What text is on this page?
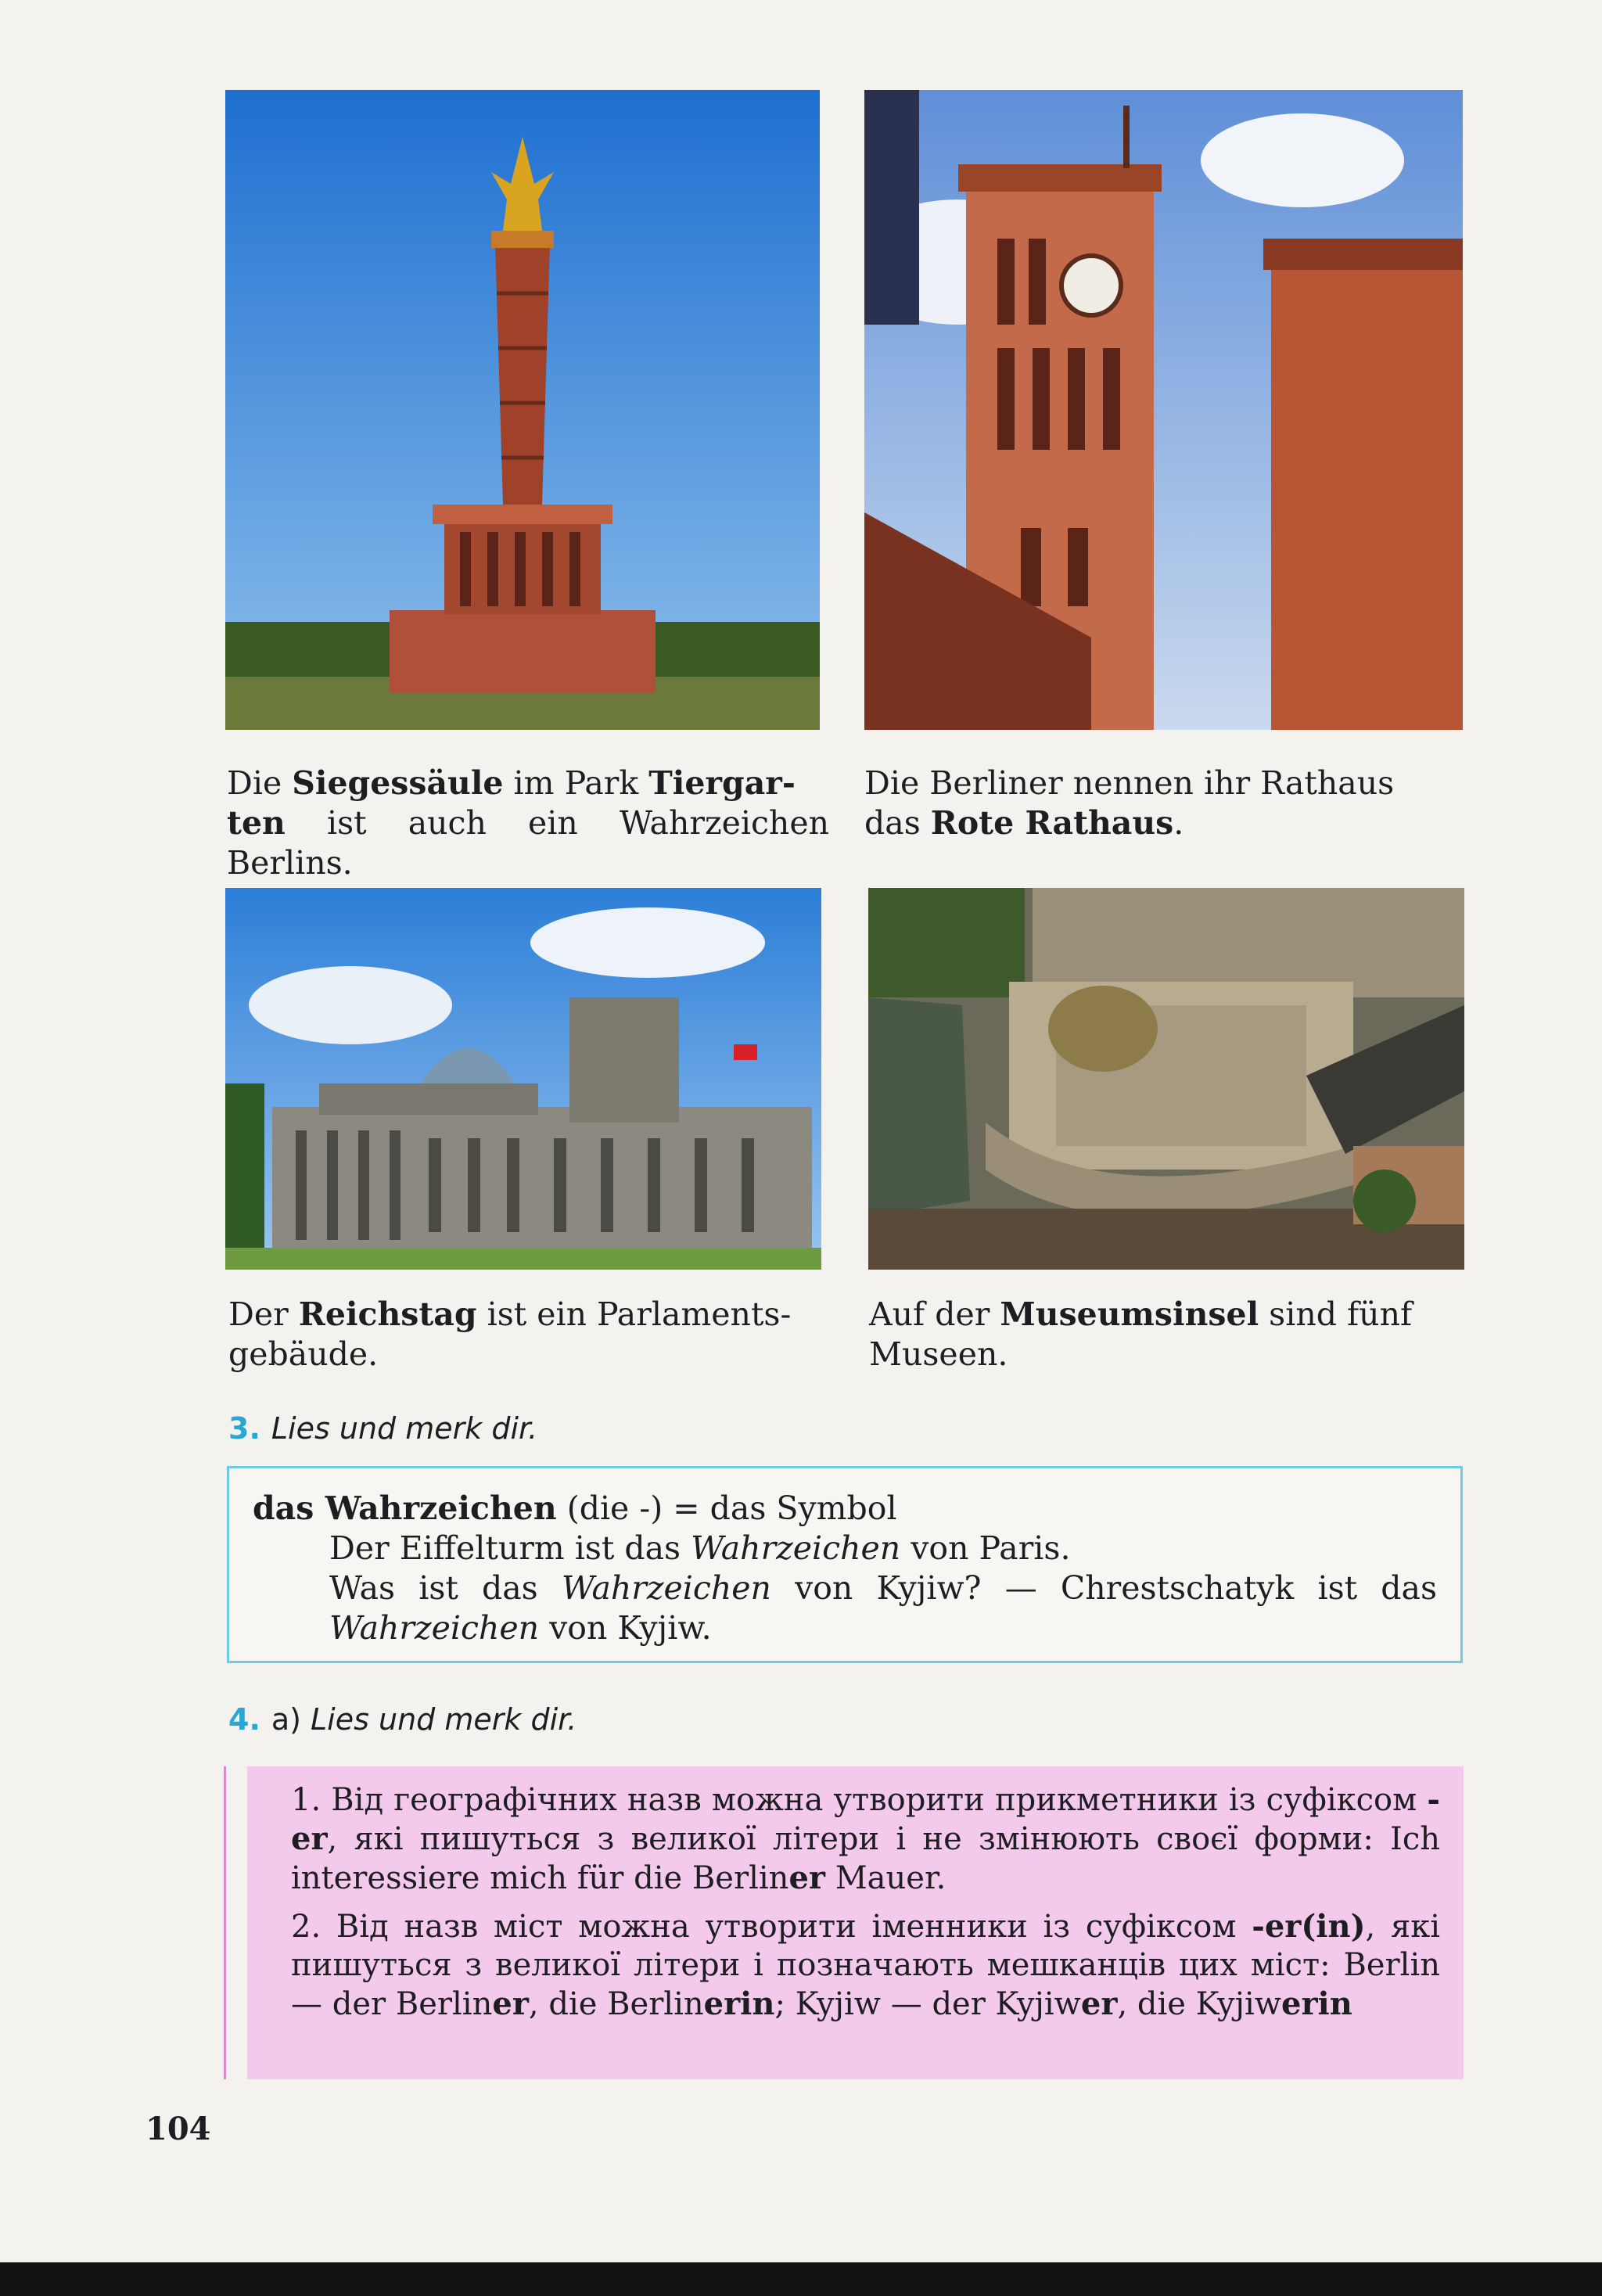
Die Siegessäule im Park Tiergar-
ten ist auch ein Wahrzeichen Berlins.
Die Berliner nennen ihr Rathaus
das Rote Rathaus.
Der Reichstag ist ein Parlaments-
gebäude.
Auf der Museumsinsel sind fünf
Museen.
3. Lies und merk dir.
das Wahrzeichen (die -) = das Symbol
Der Eiffelturm ist das Wahrzeichen von Paris.
Was ist das Wahrzeichen von Kyjiw? — Chrestschatyk ist das Wahrzeichen von Kyjiw.
4. a) Lies und merk dir.

1. Від географічних назв можна утворити прикметники із суфіксом -er, які пишуться з великої літери і не змінюють своєї форми: Ich interessiere mich für die Berliner Mauer.

2. Від назв міст можна утворити іменники із суфіксом -er(in), які пишуться з великої літери і позначають мешканців цих міст: Berlin — der Berliner, die Berlinerin; Kyjiw — der Kyjiwer, die Kyjiwerin

104
